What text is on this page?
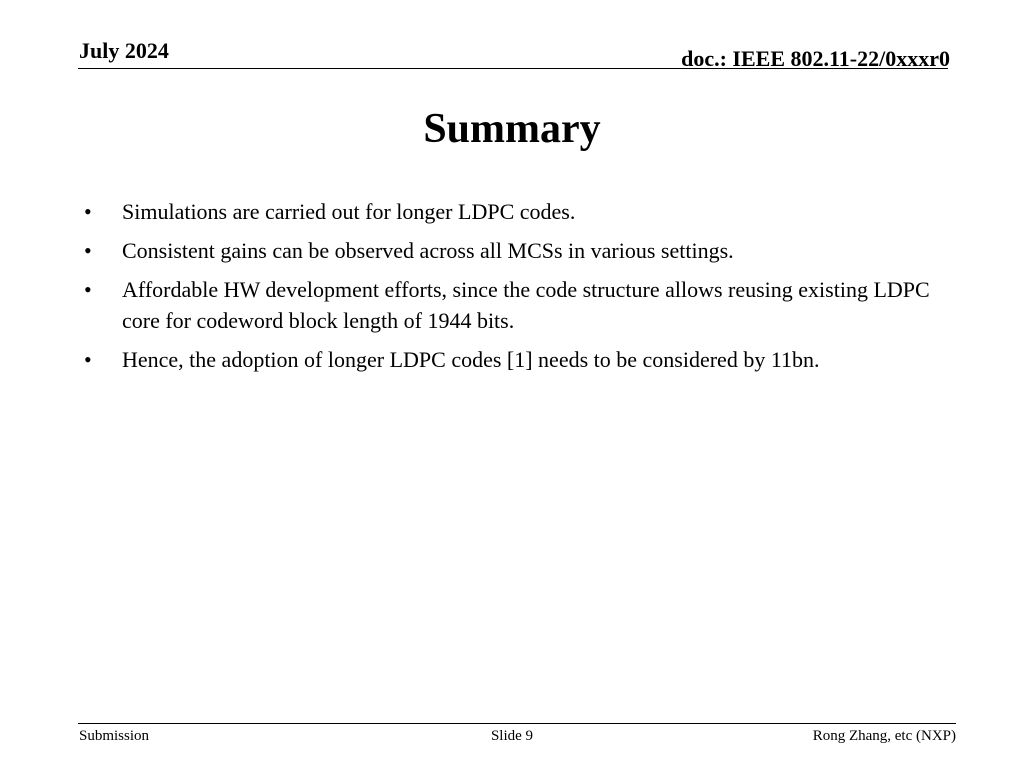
July 2024	doc.: IEEE 802.11-22/0xxxr0
Summary
•	Simulations are carried out for longer LDPC codes.
•	Consistent gains can be observed across all MCSs in various settings.
•	Affordable HW development efforts, since the code structure allows reusing existing LDPC core for codeword block length of 1944 bits.
•	Hence, the adoption of longer LDPC codes [1] needs to be considered by 11bn.
Submission	Slide 9	Rong Zhang, etc (NXP)
